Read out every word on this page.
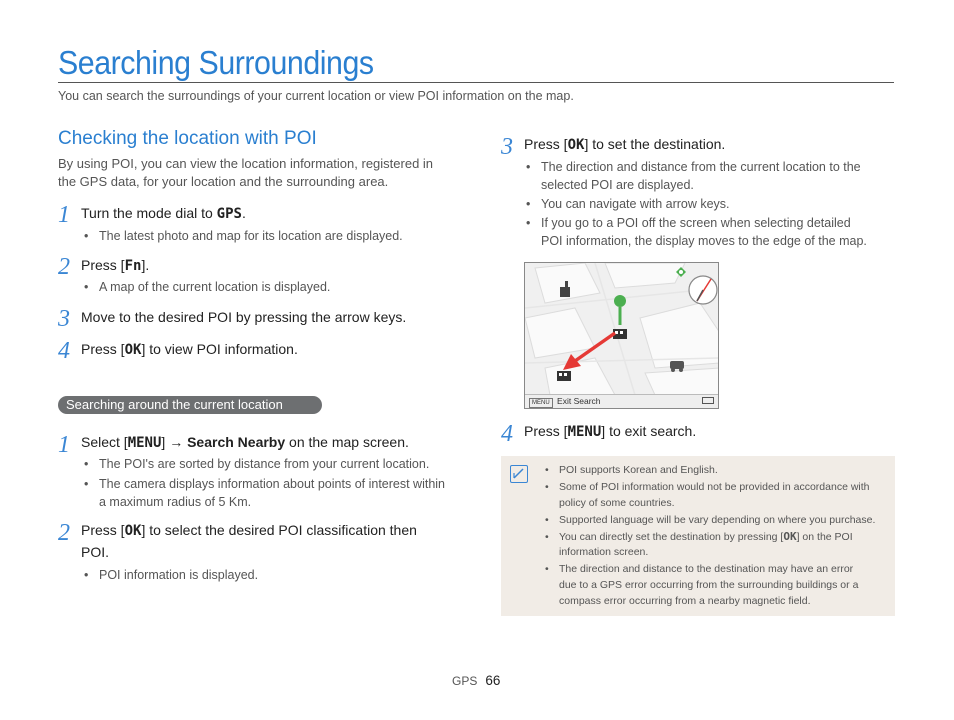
Searching Surroundings
You can search the surroundings of your current location or view POI information on the map.
Checking the location with POI
By using POI, you can view the location information, registered in
the GPS data, for your location and the surrounding area.
1 Turn the mode dial to GPS.
• The latest photo and map for its location are displayed.
2 Press [Fn].
• A map of the current location is displayed.
3 Move to the desired POI by pressing the arrow keys.
4 Press [OK] to view POI information.
Searching around the current location
1 Select [MENU] → Search Nearby on the map screen.
• The POI's are sorted by distance from your current location.
• The camera displays information about points of interest within
a maximum radius of 5 Km.
2 Press [OK] to select the desired POI classification then
POI.
• POI information is displayed.
3 Press [OK] to set the destination.
• The direction and distance from the current location to the
selected POI are displayed.
• You can navigate with arrow keys.
• If you go to a POI off the screen when selecting detailed
POI information, the display moves to the edge of the map.
MENU Exit Search
4 Press [MENU] to exit search.
• POI supports Korean and English.
• Some of POI information would not be provided in accordance with
policy of some countries.
• Supported language will be vary depending on where you purchase.
• You can directly set the destination by pressing [OK] on the POI
information screen.
• The direction and distance to the destination may have an error
due to a GPS error occurring from the surrounding buildings or a
compass error occurring from a nearby magnetic field.
GPS 66
